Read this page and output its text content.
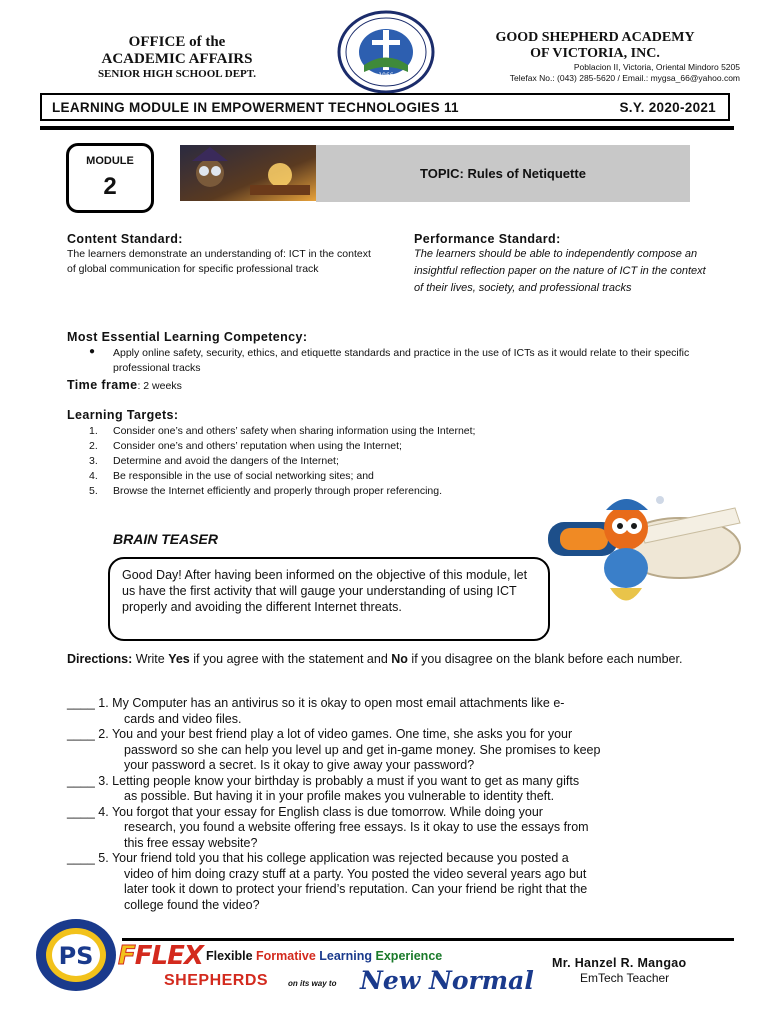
OFFICE of the
ACADEMIC AFFAIRS
SENIOR HIGH SCHOOL DEPT.	1966
GOOD SHEPHERD ACADEMY
OF VICTORIA, INC.
Poblacion II, Victoria, Oriental Mindoro 5205
Telefax No.: (043) 285-5620 / Email.: mygsa_66@yahoo.com
LEARNING MODULE IN EMPOWERMENT TECHNOLOGIES 11	S.Y. 2020-2021
MODULE
2	TOPIC: Rules of Netiquette
Content Standard:
The learners demonstrate an understanding of: ICT in the context of global communication for specific professional track
Performance Standard:
The learners should be able to independently compose an insightful reflection paper on the nature of ICT in the context of their lives, society, and professional tracks
Most Essential Learning Competency:
● Apply online safety, security, ethics, and etiquette standards and practice in the use of ICTs as it would relate to their specific professional tracks
Time frame: 2 weeks
Learning Targets:
1. Consider one’s and others’ safety when sharing information using the Internet;
2. Consider one’s and others’ reputation when using the Internet;
3. Determine and avoid the dangers of the Internet;
4. Be responsible in the use of social networking sites; and
5. Browse the Internet efficiently and properly through proper referencing.
BRAIN TEASER
Good Day! After having been informed on the objective of this module, let us have the first activity that will gauge your understanding of using ICT properly and avoiding the different Internet threats.
Directions: Write Yes if you agree with the statement and No if you disagree on the blank before each number.
____ 1. My Computer has an antivirus so it is okay to open most email attachments like e-
cards and video files.
____ 2. You and your best friend play a lot of video games. One time, she asks you for your
password so she can help you level up and get in-game money. She promises to keep
your password a secret. Is it okay to give away your password?
____ 3. Letting people know your birthday is probably a must if you want to get as many gifts
as possible. But having it in your profile makes you vulnerable to identity theft.
____ 4. You forgot that your essay for English class is due tomorrow. While doing your
research, you found a website offering free essays. Is it okay to use the essays from
this free essay website?
____ 5. Your friend told you that his college application was rejected because you posted a
video of him doing crazy stuff at a party. You posted the video several years ago but
later took it down to protect your friend’s reputation. Can your friend be right that the
college found the video?
PS FFLEX Flexible Formative Learning Experience
SHEPHERDS on its way to New Normal
Mr. Hanzel R. Mangao
EmTech Teacher
